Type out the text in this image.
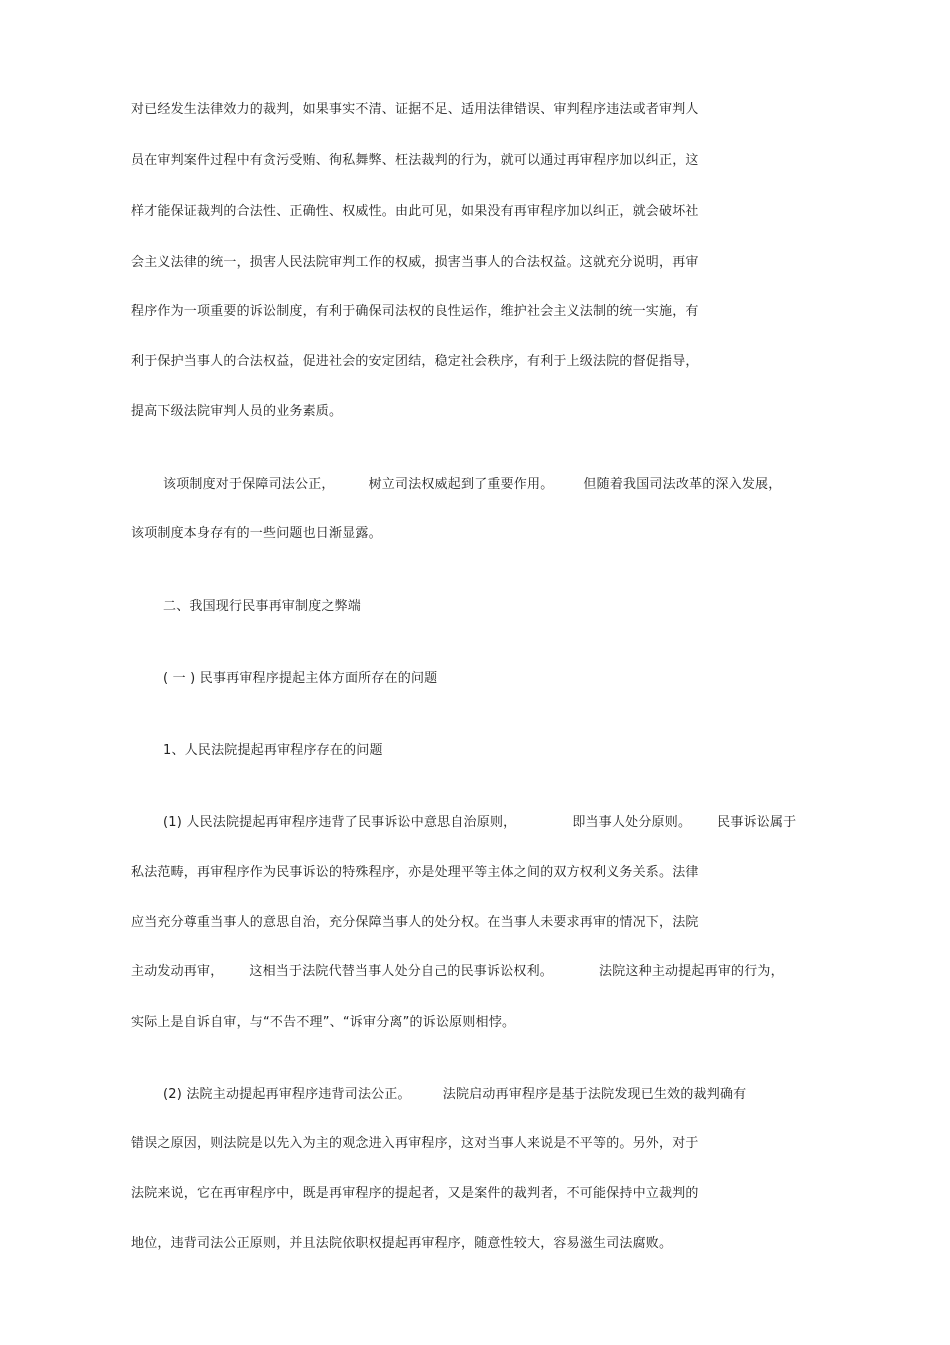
对已经发生法律效力的裁判，如果事实不清、证据不足、适用法律错误、审判程序违法或者审判人
员在审判案件过程中有贪污受贿、徇私舞弊、枉法裁判的行为，就可以通过再审程序加以纠正，这
样才能保证裁判的合法性、正确性、权威性。由此可见，如果没有再审程序加以纠正，就会破坏社
会主义法律的统一，损害人民法院审判工作的权威，损害当事人的合法权益。这就充分说明，再审
程序作为一项重要的诉讼制度，有利于确保司法权的良性运作，维护社会主义法制的统一实施，有
利于保护当事人的合法权益，促进社会的安定团结，稳定社会秩序，有利于上级法院的督促指导，
提高下级法院审判人员的业务素质。
该项制度对于保障司法公正，	树立司法权威起到了重要作用。 但随着我国司法改革的深入发展，
该项制度本身存有的一些问题也日渐显露。
二、我国现行民事再审制度之弊端
( 一 ) 民事再审程序提起主体方面所存在的问题
1、人民法院提起再审程序存在的问题
(1) 人民法院提起再审程序违背了民事诉讼中意思自治原则，	即当事人处分原则。 民事诉讼属于
私法范畴，再审程序作为民事诉讼的特殊程序，亦是处理平等主体之间的双方权利义务关系。法律
应当充分尊重当事人的意思自治，充分保障当事人的处分权。在当事人未要求再审的情况下，法院
主动发动再审， 这相当于法院代替当事人处分自己的民事诉讼权利。	法院这种主动提起再审的行为，
实际上是自诉自审，与“不告不理”、“诉审分离”的诉讼原则相悖。
(2) 法院主动提起再审程序违背司法公正。 法院启动再审程序是基于法院发现已生效的裁判确有
错误之原因，则法院是以先入为主的观念进入再审程序，这对当事人来说是不平等的。另外，对于
法院来说，它在再审程序中，既是再审程序的提起者，又是案件的裁判者，不可能保持中立裁判的
地位，违背司法公正原则，并且法院依职权提起再审程序，随意性较大，容易滋生司法腐败。
